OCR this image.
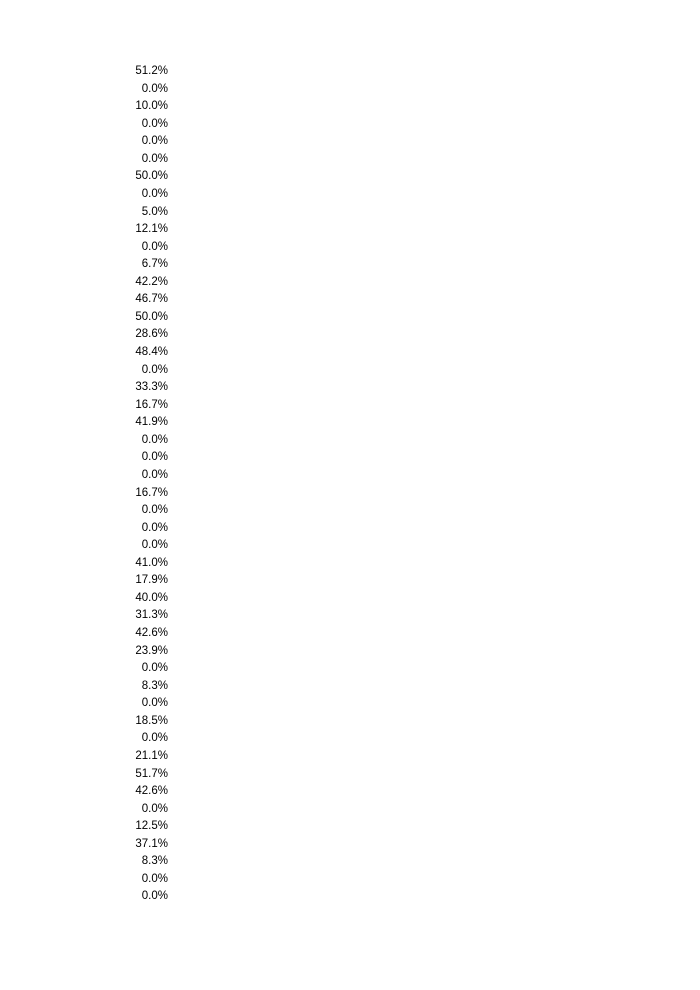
51.2%
0.0%
10.0%
0.0%
0.0%
0.0%
50.0%
0.0%
5.0%
12.1%
0.0%
6.7%
42.2%
46.7%
50.0%
28.6%
48.4%
0.0%
33.3%
16.7%
41.9%
0.0%
0.0%
0.0%
16.7%
0.0%
0.0%
0.0%
41.0%
17.9%
40.0%
31.3%
42.6%
23.9%
0.0%
8.3%
0.0%
18.5%
0.0%
21.1%
51.7%
42.6%
0.0%
12.5%
37.1%
8.3%
0.0%
0.0%
